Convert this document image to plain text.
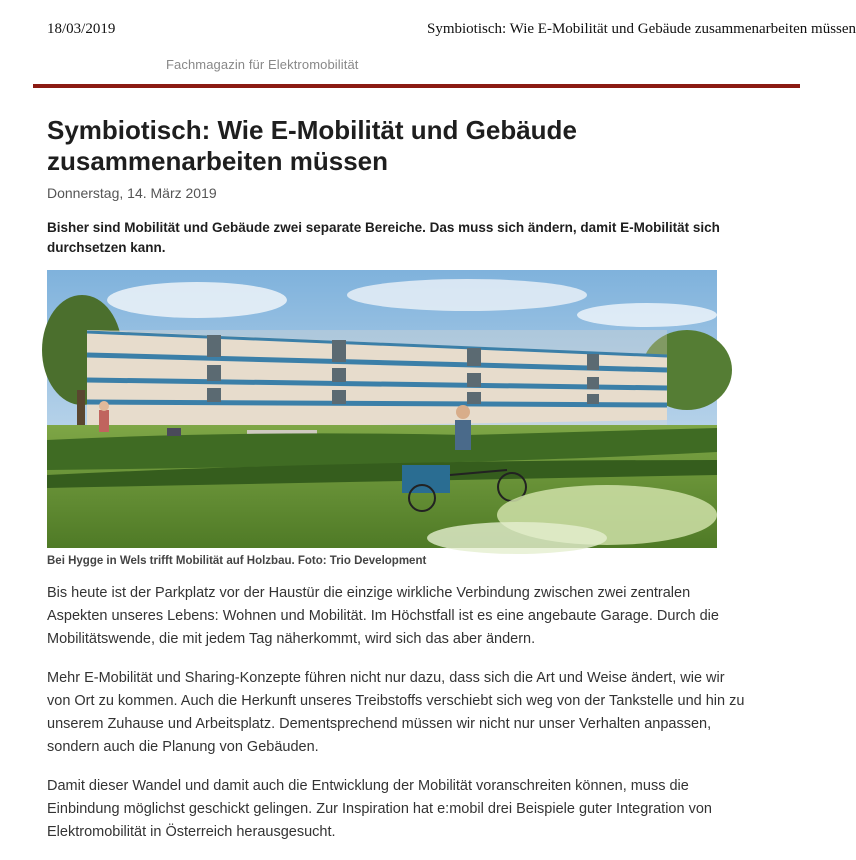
18/03/2019	Symbiotisch: Wie E-Mobilität und Gebäude zusammenarbeiten müssen
Fachmagazin für Elektromobilität
Symbiotisch: Wie E-Mobilität und Gebäude zusammenarbeiten müssen
Donnerstag, 14. März 2019

Bisher sind Mobilität und Gebäude zwei separate Bereiche. Das muss sich ändern, damit E-Mobilität sich durchsetzen kann.

Bei Hygge in Wels trifft Mobilität auf Holzbau. Foto: Trio Development

Bis heute ist der Parkplatz vor der Haustür die einzige wirkliche Verbindung zwischen zwei zentralen Aspekten unseres Lebens: Wohnen und Mobilität. Im Höchstfall ist es eine angebaute Garage. Durch die Mobilitätswende, die mit jedem Tag näherkommt, wird sich das aber ändern.

Mehr E-Mobilität und Sharing-Konzepte führen nicht nur dazu, dass sich die Art und Weise ändert, wie wir von Ort zu kommen. Auch die Herkunft unseres Treibstoffs verschiebt sich weg von der Tankstelle und hin zu unserem Zuhause und Arbeitsplatz. Dementsprechend müssen wir nicht nur unser Verhalten anpassen, sondern auch die Planung von Gebäuden.

Damit dieser Wandel und damit auch die Entwicklung der Mobilität voranschreiten können, muss die Einbindung möglichst geschickt gelingen. Zur Inspiration hat e:mobil drei Beispiele guter Integration von Elektromobilität in Österreich herausgesucht.
